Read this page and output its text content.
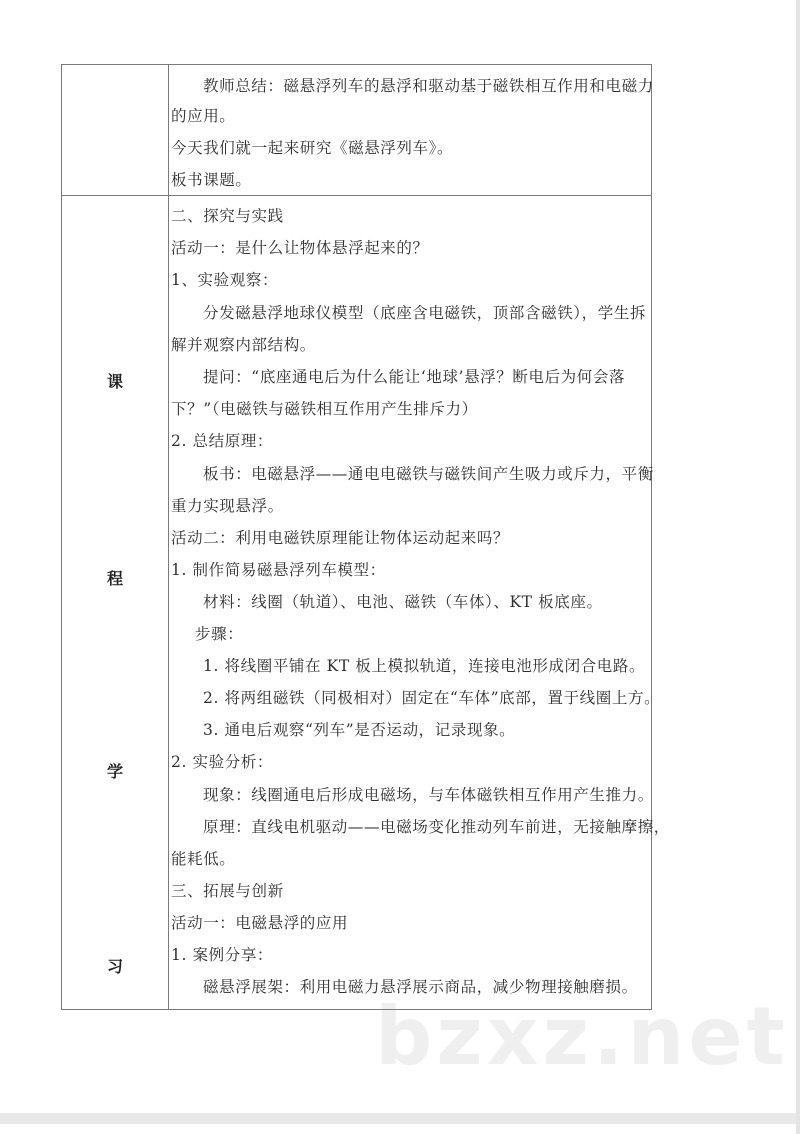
bzxz.net
教师总结：磁悬浮列车的悬浮和驱动基于磁铁相互作用和电磁力
的应用。
今天我们就一起来研究《磁悬浮列车》。
板书课题。
课
程
学
习
二、探究与实践
活动一：是什么让物体悬浮起来的？
1、实验观察：
分发磁悬浮地球仪模型（底座含电磁铁，顶部含磁铁），学生拆
解并观察内部结构。
提问：“底座通电后为什么能让‘地球’悬浮？断电后为何会落
下？”（电磁铁与磁铁相互作用产生排斥力）
2. 总结原理：
板书：电磁悬浮——通电电磁铁与磁铁间产生吸力或斥力，平衡
重力实现悬浮。
活动二：利用电磁铁原理能让物体运动起来吗？
1. 制作简易磁悬浮列车模型：
材料：线圈（轨道）、电池、磁铁（车体）、KT 板底座。
步骤：
1. 将线圈平铺在 KT 板上模拟轨道，连接电池形成闭合电路。
2. 将两组磁铁（同极相对）固定在“车体”底部，置于线圈上方。
3. 通电后观察“列车”是否运动，记录现象。
2. 实验分析：
现象：线圈通电后形成电磁场，与车体磁铁相互作用产生推力。
原理：直线电机驱动——电磁场变化推动列车前进，无接触摩擦，
能耗低。
三、拓展与创新
活动一：电磁悬浮的应用
1. 案例分享：
磁悬浮展架：利用电磁力悬浮展示商品，减少物理接触磨损。
